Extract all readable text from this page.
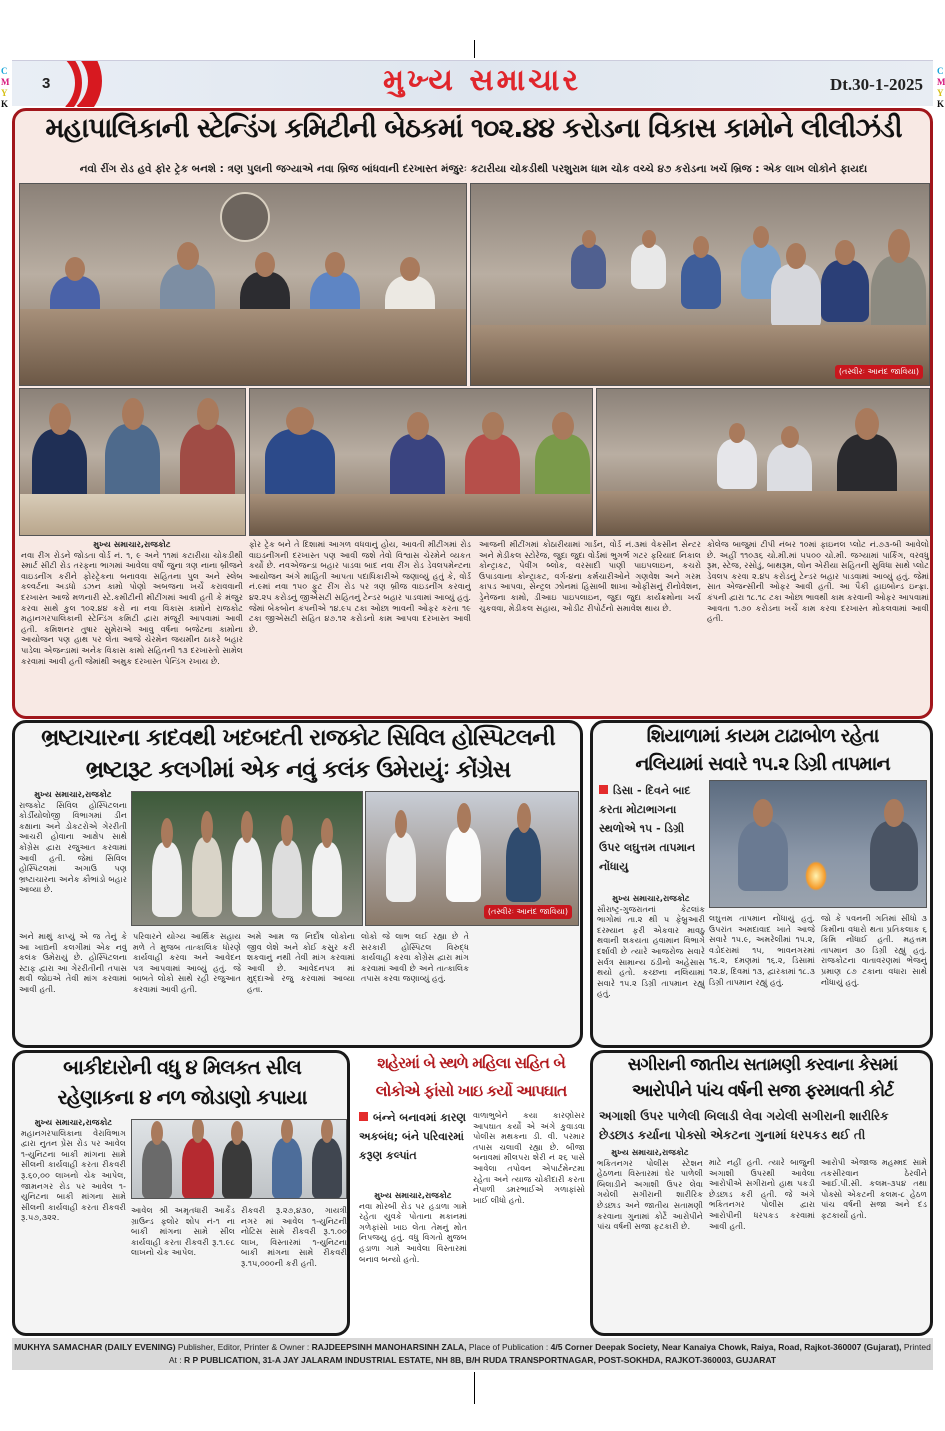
C
M
Y
K
C
M
Y
K
3	મુખ્ય સમાચાર	Dt.30-1-2025
મહાપાલિકાની સ્ટેન્ડિંગ કમિટીની બેઠકમાં ૧૦૨.૪૪ કરોડના વિકાસ કામોને લીલીઝંડી
નવો રીંગ રોડ હવે ફોર ટ્રેક બનશે : ત્રણ પુલની જગ્યાએ નવા બ્રિજ બાંધવાની દરખાસ્ત મંજુરઃ કટારીયા ચોકડીથી પરશુરામ ધામ ચોક વચ્ચે ૪૭ કરોડના ખર્ચે બ્રિજ : એક લાખ લોકોને ફાયદા
(તસ્વીરઃ આનંદ જાવિયા)
મુખ્ય સમાચાર,રાજકોટ
નવા રીંગ રોડને જોડતા વોર્ડ નં. ૧, ૯ અને ૧૧માં કટારીયા ચોકડીથી સ્માર્ટ સીટી રોડ તરફના ભાગમાં આવેલા વર્ષો જુના ત્રણ નાના બ્રીજને વાઇડનીંગ કરીને ફોરટ્રેકના બનાવવા સહિતના પુલ અને સ્લેબ કલ્વર્ટના અડધો ડઝન કામો પોણો અબજના ખર્ચે કરાવવાની દરખાસ્ત આજે મળનારી સ્ટે.કમીટીની મીટીંગમાં આવી હતી કે મંજુર કરવા સાથે કુલ ૧૦૨.૪૪ કરો ના નવા વિકાસ કામોને રાજકોટ મહાનગરપાલિકાની સ્ટેન્ડિંગ કમિટી દ્વારા મંજૂરી આપવામાં આવી હતી. કમિશનર તુષાર સુમેરાએ આવુ વર્ષના બજેટના કામોના આયોજન પણ હાથ પર લેતા આજે ચેરમેન જયમીન ઠાકરે બહાર પાડેલા એજન્ડામાં અનેક વિકાસ કામો સહિતની ૧૩ દરખાસ્તો સામેલ કરવામાં આવી હતી જેમાંથી અમુક દરખાસ્ત પેન્ડિંગ રખાય છે.
ફોર ટ્રેક બને તે દિશામાં આગળ વધવાનું હોય, આવતી મીટીંગમાં રોડ વાઇડનીંગની દરખાસ્ત પણ આવી જશે તેવો વિશ્વાસ ચેરમેને વ્યકત કર્યો છે. નવએજન્ડા બહાર પાડવા બાદ નવા રીંગ રોડ ડેવલપમેન્ટના આયોજન અંગે માહિતી આપતા પદાધિકારીએ જણાવ્યું હતું કે, વોર્ડ નં.૯માં નવા ૧૫૦ ફુટ રીંગ રોડ પર ત્રણ બ્રીજ વાઇડનીંગ કરવાનું ૪૨.૨૫ કરોડનું જીએસટી સહિતનું ટેન્ડર બહાર પાડવામાં આવ્યું હતું. જેમાં બેકબોન કંપનીએ ૧૪.૯૫ ટકા ઓછા ભાવની ઓફર કરતા ૧૯ ટકા જીએસટી સહિત ૪૭.૧૨ કરોડનો કામ આપવા દરખાસ્ત આવી છે.
આજની મીટીંગમાં કોઠારીયામાં ગાર્ડન, વોર્ડ નં.૩માં વેકસીન સેન્ટર અને મેડીકલ સ્ટોરેજ, જુદા જુદા વોર્ડમાં ભુગર્ભ ગટર ફરિયાદ નિકાલ કોન્ટ્રાકટ, પેવીંગ બ્લોક, વરસાદી પાણી પાઇપલાઇન, કચરો ઉપાડવાના કોન્ટ્રાકટ, વર્ગ-૪ના કર્મચારીઓને ગણવેશ અને ગરમ કાપડ આપવા, સેન્ટ્રલ ઝોનમાં હિસાબી શાખા ઓફીસનું રીનોવેશન, ડ્રેનેજના કામો, ડીઆઇ પાઇપલાઇન, જુદા જુદા કાર્યક્રમોના ખર્ચ ચુકવવા, મેડીકલ સહાય, ઓડીટ રીપોર્ટનો સમાવેશ થાય છે.
કોલેજ બાજુમાં ટીપી નંબર ૧૦માં ફાઇનલ પ્લોટ નં.૭૩-બી આવેલો છે. અહીં ૧૧૦૩૬ ચો.મી.માં ૫૫૦૦ ચો.મી. જગ્યામાં પાર્કિંગ, વરવધુ રૂમ, સ્ટેજ, રસોડું, બાથરૂમ, લોન એરીયા સહિતની સુવિધા સાથે પ્લોટ ડેવલપ કરવા ૨.૪૫ કરોડનું ટેન્ડર બહાર પાડવામાં આવ્યું હતું. જેમાં સાત એજન્સીની ઓફર આવી હતી. આ પૈકી હાઇબોન્ડ ઇન્ફ્રા. કંપની દ્વારા ૧૮.૧૮ ટકા ઓછા ભાવથી કામ કરવાની ઓફર આપવામાં આવતા ૧.૭૦ કરોડના ખર્ચે કામ કરવા દરખાસ્ત મોકલવામાં આવી હતી.
ભ્રષ્ટાચારના કાદવથી ખદબદતી રાજકોટ સિવિલ હોસ્પિટલની
ભ્રષ્ટારૂટ કલગીમાં એક નવું કલંક ઉમેરાયુંઃ કોંગ્રેસ
મુખ્ય સમાચાર,રાજકોટ
રાજકોટ સિવિલ હોસ્પિટલના કોર્ડીયોલોજી વિભાગમાં ડીન કક્ષાના અને ડોકટરોએ ગેરરીતી આચરી હોવાના આક્ષેપ સાથે કોંગ્રેસ દ્વારા રજુઆત કરવામાં આવી હતી. જેમાં સિવિલ હોસ્પિટલમાં અગાઉ પણ ભ્રષ્ટાચારના અનેક કૌભાંડો બહાર આવ્યા છે.
(તસ્વીરઃ આનંદ જાવિયા)
અને માથું કાપ્યું એ જ તેનું કે આ ખાદ્યની કલગીમાં એક નવું કલંક ઉમેરાયું છે. હોસ્પિટલના સ્ટાફ દ્વારા આ ગેરરીતીની તપાસ થવી જોઇએ તેવી માંગ કરવામાં આવી હતી.
પરિવારને યોગ્ય આર્થિક સહાય મળે તે મુજબ તાત્કાલિક ધોરણે કાર્યવાહી કરવા અને આવેદન પત્ર આપવામાં આવ્યું હતું. જે બાબતે લોકો સાથે રહી રજુઆત કરવામાં આવી હતી.
અમે આમ જ નિર્દોષ લોકોના જીવ લેશે અને કોઈ કસુર કરી શકવાનું નથી તેવી માંગ કરવામાં આવી છે. આવેદનપત્ર માં મુદ્દાઓ રજુ કરવામાં આવ્યા હતા.
લોકો જે લાભ લઈ રહ્યા છે તે સરકારી હોસ્પિટલ વિરુદ્ધ કાર્યવાહી કરવા કોંગ્રેસ દ્વારા માંગ કરવામાં આવી છે અને તાત્કાલિક તપાસ કરવા જણાવ્યું હતું.
શિયાળામાં કાયમ ટાઢાબોળ રહેતા
નલિયામાં સવારે ૧૫.૨ ડિગ્રી તાપમાન
ડિસા - દિવને બાદ કરતા મોટાભાગના સ્થળોએ ૧૫ - ડિગ્રી ઉપર લઘુત્તમ તાપમાન નોંધાયુ
મુખ્ય સમાચાર,રાજકોટ
સૌરાષ્ટ્ર-ગુજરાતનાં કેટલાંક ભાગોમાં તા.૨ થી ૫ ફેબ્રુઆરી દરમ્યાન ફરી એકવાર માવઠુ થવાની શકયતા હવામાન વિભાગે દર્શાવી છે ત્યારે આજરોજ સવારે સર્વત્ર સામાન્ય ઠંડીનો અહેસાસ થયો હતો. કચ્છના નલિયામાં સવારે ૧૫.૨ ડિગ્રી તાપમાન રહ્યું હતું.
લઘુત્તમ તાપમાન નોંધાયું હતું. ઉપરાંત અમદાવાદ ખાતે આજે સવારે ૧૫.૯, અમરેલીમાં ૧૫.૨, વડોદરામાં ૧૫, ભાવનગરમાં ૧૬.૨, દમણમાં ૧૬.૨, ડિસામાં ૧૨.૪, દિવમાં ૧૩, દ્વારકામાં ૧૮.૩ ડિગ્રી તાપમાન રહ્યું હતું.
જો કે પવનની ગતિમાં સીધો ૩ કિમીના વધારો થતા પ્રતિકલાક ૬ કિમિ નોંધાઈ હતી. મહત્તમ તાપમાન ૩૦ ડિગ્રી રહ્યું હતું. રાજકોટના વાતાવરણમાં ભેજનું પ્રમાણ ૮૭ ટકાના વધારા સાથે નોંધાયું હતું.
બાકીદારોની વધુ ૪ મિલકત સીલ
રહેણાકના ૪ નળ જોડાણો કપાયા
મુખ્ય સમાચાર,રાજકોટ
મહાનગરપાલિકાના વેરાવિભાગ દ્વારા નુતન પ્રેસ રોડ પર આવેલ ૧-યુનિટના બાકી માંગના સામે સીલની કાર્યવાહી કરતા રીકવરી રૂ.૬૦,૦૦ લાખનો ચેક આપેલ, જામનગર રોડ પર આવેલ ૧-યુનિટના બાકી માંગના સામે સીલની કાર્યવાહી કરતા રીકવરી રૂ.૫૭,૩૨૨.
આવેલ શ્રી અમૃતધારી આર્કેડ ગ્રાઉન્ડ ફ્લોર શોપ નં-૧ ના બાકી માંગના સામે સીલ કાર્યવાહી કરતા રીકવરી રૂ.૧.૯૮ લાખનો ચેક આપેલ.
રીકવરી રૂ.૨૭,૪૩૦, ગાયત્રી નગર માં આવેલ ૧-યુનિટની નોટિસ સામે રીકવરી રૂ.૧.૦૦ લાખ, વિસ્તારમાં ૧-યુનિટના બાકી માંગના સામે રીકવરી રૂ.૧૫,૦૦૦ની કરી હતી.
શહેરમાં બે સ્થળે મહિલા સહિત બે
લોકોએ ફાંસો ખાઇ કર્યો આપઘાત
બંન્ને બનાવમાં કારણ અકબંધ; બંને પરિવારમાં કરૂણ કલ્પાંત
મુખ્ય સમાચાર,રાજકોટ
નવા મોરબી રોડ પર હડાળા ગામે રહેતા યુવકે પોતાના મકાનમાં ગળેફાંસો ખાઇ લેતા તેમનું મોત નિપજયુ હતું. વધુ વિગતો મુજબ હડાળા ગામે આવેલા વિસ્તારમાં બનાવ બન્યો હતો.
વાળાભુબેને કયા કારણોસર આપઘાત કર્યો એ અંગે કુવાડવા પોલીસ મથકના ડી. વી. પરમાર તપાસ ચલાવી રહ્યા છે. બીજા બનાવમાં મીલપરા શેરી નં ૨૬ પાસે આવેલા તપોવન એપાર્ટમેન્ટમા રહેતા અને ત્યાજ ચોકીદારી કરતા નેપાળી ડમરભાઈએ ગળાફાંસો ખાઈ લીધો હતો.
સગીરાની જાતીય સતામણી કરવાના કેસમાં
આરોપીને પાંચ વર્ષની સજા ફરમાવતી કોર્ટ
અગાશી ઉપર પાળેલી બિલાડી લેવા ગયેલી સગીરાની શારીરિક છેડછાડ કર્યાના પોક્સો એકટના ગુનામાં ધરપકડ થઈ તી
મુખ્ય સમાચાર,રાજકોટ
ભકિતનગર પોલીસ સ્ટેશન હેઠળના વિસ્તારમાં ઘેર પાળેલી બિલાડીને અગાશી ઉપર લેવા ગયેલી સગીરાની શારીરિક છેડછાડ અને જાતીય સતામણી કરવાના ગુનામાં કોર્ટે આરોપીને પાંચ વર્ષની સજા ફટકારી છે.
માટે નહીં હતી. ત્યારે બાજુની અગાશી ઉપરથી આવેલા આરોપીએ સગીરાનો હાથ પકડી છેડછાડ કરી હતી. જે અંગે ભકિતનગર પોલીસ દ્વારા આરોપીની ધરપકડ કરવામાં આવી હતી.
આરોપી એજાજ મહમ્મદ સામે તકસીરવાન ઠેરવીને આઈ.પી.સી. કલમ-૩૫૪ તથા પોક્સો એકટની કલમ-૮ હેઠળ પાંચ વર્ષની સજા અને દંડ ફટકાર્યો હતો.
MUKHYA SAMACHAR (DAILY EVENING) Publisher, Editor, Printer & Owner : RAJDEEPSINH MANOHARSINH ZALA, Place of Publication : 4/5 Corner Deepak Society, Near Kanaiya Chowk, Raiya, Road, Rajkot-360007 (Gujarat), Printed At : R P PUBLICATION, 31-A JAY JALARAM INDUSTRIAL ESTATE, NH 8B, B/H RUDA TRANSPORTNAGAR, POST-SOKHDA, RAJKOT-360003, GUJARAT
